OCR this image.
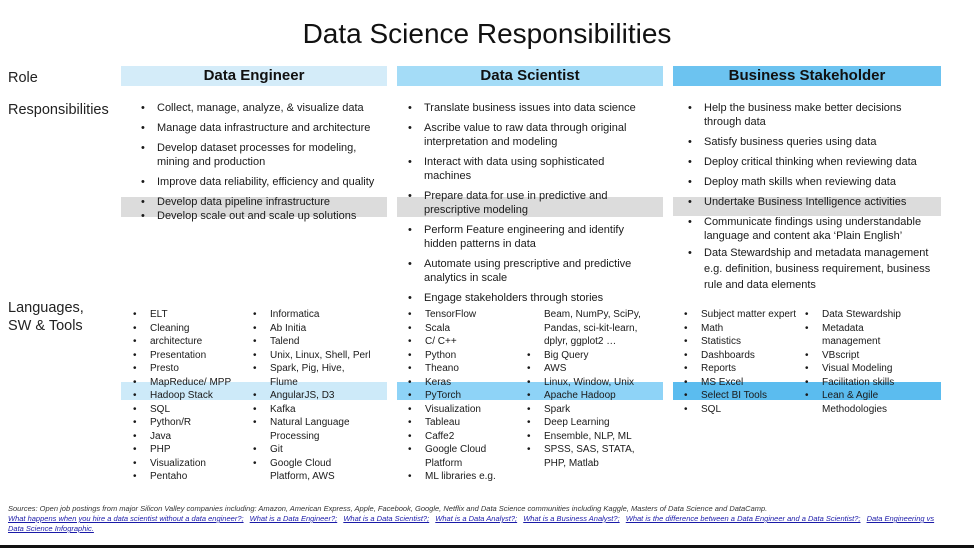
Data Science Responsibilities
Role
Responsibilities
Languages,
SW & Tools
Data Engineer	Data Scientist	Business Stakeholder
• Collect, manage, analyze, & visualize data
• Manage data infrastructure and architecture
• Develop dataset processes for modeling, mining and production
• Improve data reliability, efficiency and quality
• Develop data pipeline infrastructure
• Develop scale out and scale up solutions
• Translate business issues into data science
• Ascribe value to raw data through original interpretation and modeling
• Interact with data using sophisticated machines
• Prepare data for use in predictive and prescriptive modeling
• Perform Feature engineering and identify hidden patterns in data
• Automate using prescriptive and predictive analytics in scale
• Engage stakeholders through stories
• Help the business make better decisions through data
• Satisfy business queries using data
• Deploy critical thinking when reviewing data
• Deploy math skills when reviewing data
• Undertake Business Intelligence activities
• Communicate findings using understandable language and content aka ‘Plain English’
• Data Stewardship and metadata management e.g. definition, business requirement, business rule and data elements
• ELT
• Cleaning
• architecture
• Presentation
• Presto
• MapReduce/ MPP
• Hadoop Stack
• SQL
• Python/R
• Java
• PHP
• Visualization
• Pentaho
• Informatica
• Ab Initia
• Talend
• Unix, Linux, Shell, Perl
• Spark, Pig, Hive, Flume
• AngularJS, D3
• Kafka
• Natural Language Processing
• Git
• Google Cloud Platform, AWS
• TensorFlow
• Scala
• C/ C++
• Python
• Theano
• Keras
• PyTorch
• Visualization
• Tableau
• Caffe2
• Google Cloud Platform
• ML libraries e.g.
Beam, NumPy, SciPy, Pandas, sci-kit-learn, dplyr, ggplot2 …
• Big Query
• AWS
• Linux, Window, Unix
• Apache Hadoop
• Spark
• Deep Learning
• Ensemble, NLP, ML
• SPSS, SAS, STATA, PHP, Matlab
• Subject matter expert
• Math
• Statistics
• Dashboards
• Reports
• MS Excel
• Select BI Tools
• SQL
• Data Stewardship
• Metadata management
• VBscript
• Visual Modeling
• Facilitation skills
• Lean & Agile Methodologies
Sources: Open job postings from major Silicon Valley companies including: Amazon, American Express, Apple, Facebook, Google, Netflix and Data Science communities including Kaggle, Masters of Data Science and DataCamp.
What happens when you hire a data scientist without a data engineer?; What is a Data Engineer?; What is a Data Scientist?; What is a Data Analyst?; What is a Business Analyst?; What is the difference between a Data Engineer and a Data Scientist?; Data Engineering vs Data Science Infographic.
